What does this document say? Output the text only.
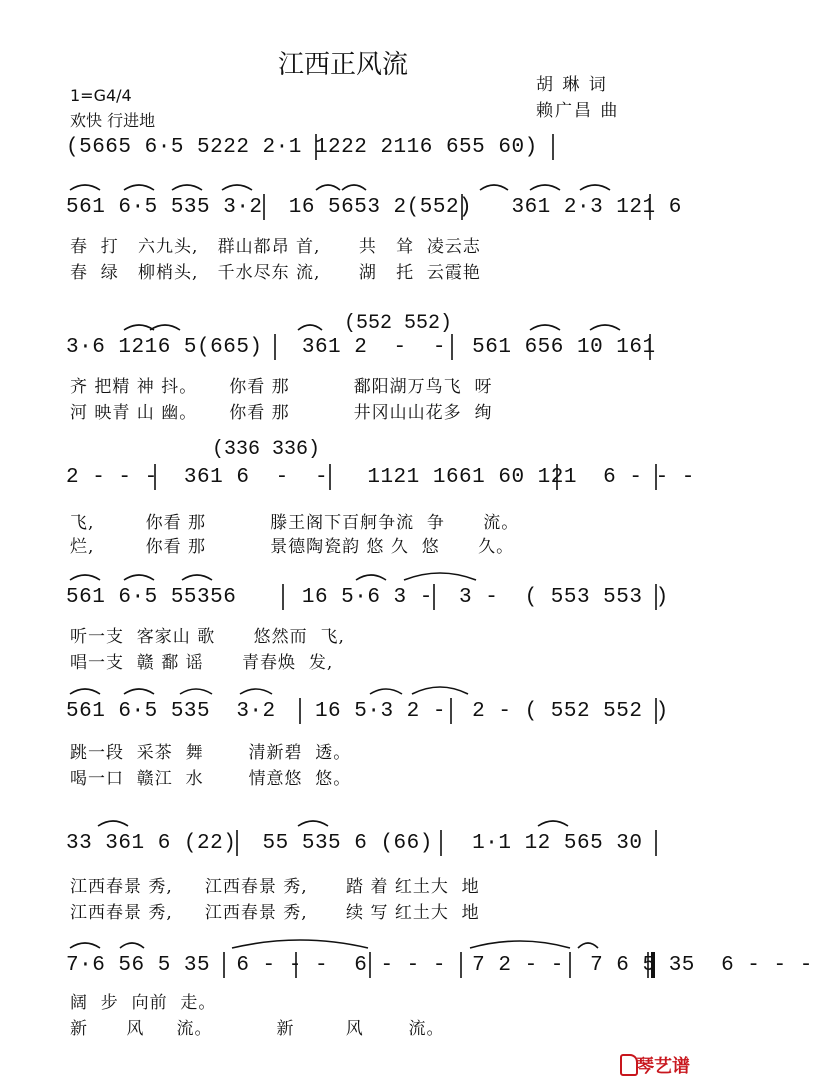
江西正风流
胡 琳 词
赖广昌 曲
1=G4/4
欢快 行进地
(5665 6·5 5222 2·1 1222 2116 655 60)
561 6·5 535 3·2  16 5653 2(552)   361 2·3 121 6
春  打   六九头,   群山都昂 首,      共   耸  凌云志
春  绿   柳梢头,   千水尽东 流,      湖   托  云霞艳
(552 552)
3·6 1216 5(665)   361 2  -  -  561 656 10 161
齐 把精 神 抖。     你看 那          鄱阳湖万鸟飞  呀
河 映青 山 幽。     你看 那          井冈山山花多  绚
(336 336)
2 - - -  361 6  -  -   1121 1661 60 121  6 - - -
飞,        你看 那          滕王阁下百舸争流  争      流。
烂,        你看 那          景德陶瓷韵 悠 久  悠      久。
561 6·5 55356     16 5·6 3 -  3 -  ( 553 553 )
听一支  客家山 歌      悠然而  飞,
唱一支  赣 鄱 谣      青春焕  发,
561 6·5 535  3·2   16 5·3 2 -  2 - ( 552 552 )
跳一段  采茶  舞       清新碧  透。
喝一口  赣江  水       情意悠  悠。
33 361 6 (22)  55 535 6 (66)   1·1 12 565 30
江西春景 秀,     江西春景 秀,      踏 着 红土大  地
江西春景 秀,     江西春景 秀,      续 写 红土大  地
7·6 56 5 35  6 - - -  6 - - -  7 2 - -  7 6 5 35  6 - - -
阔  步  向前  走。
新      风     流。          新        风       流。
琴艺谱
